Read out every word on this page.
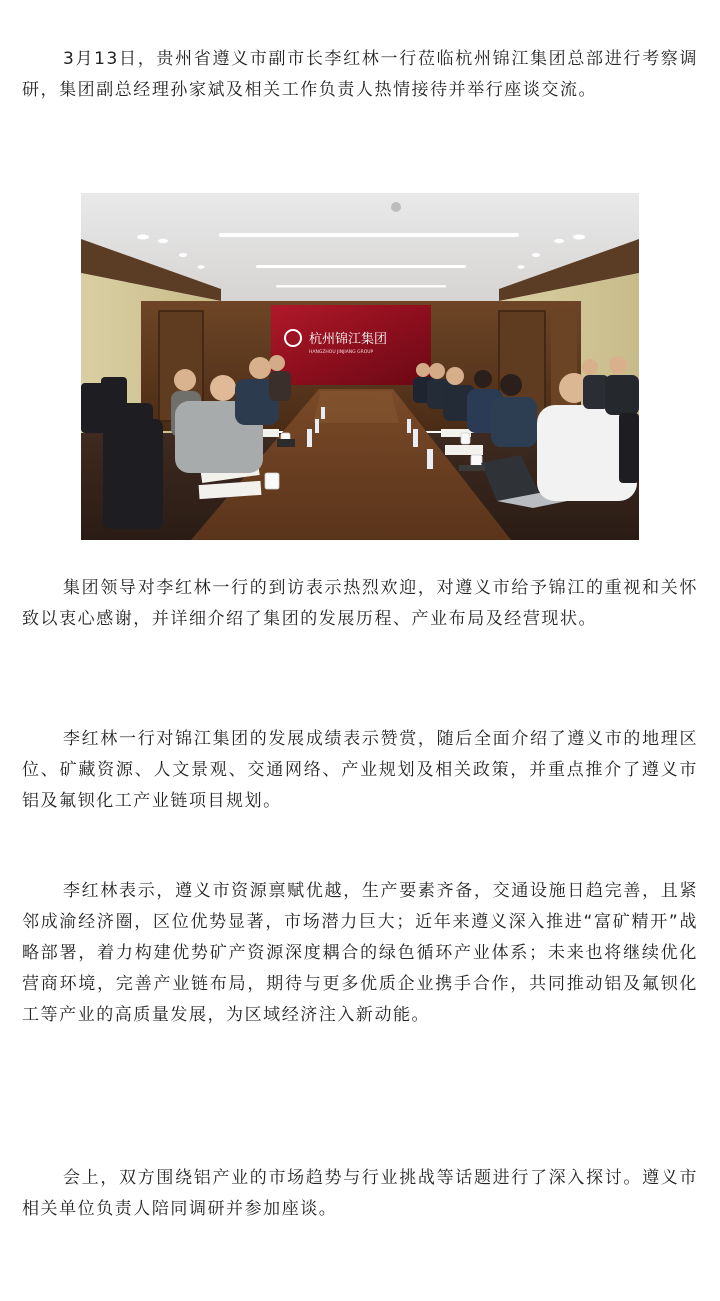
3月13日，贵州省遵义市副市长李红林一行莅临杭州锦江集团总部进行考察调研，集团副总经理孙家斌及相关工作负责人热情接待并举行座谈交流。

杭州锦江集团
HANGZHOU JINJIANG GROUP

集团领导对李红林一行的到访表示热烈欢迎，对遵义市给予锦江的重视和关怀致以衷心感谢，并详细介绍了集团的发展历程、产业布局及经营现状。

李红林一行对锦江集团的发展成绩表示赞赏，随后全面介绍了遵义市的地理区位、矿藏资源、人文景观、交通网络、产业规划及相关政策，并重点推介了遵义市铝及氟钡化工产业链项目规划。

李红林表示，遵义市资源禀赋优越，生产要素齐备，交通设施日趋完善，且紧邻成渝经济圈，区位优势显著，市场潜力巨大；近年来遵义深入推进“富矿精开”战略部署，着力构建优势矿产资源深度耦合的绿色循环产业体系；未来也将继续优化营商环境，完善产业链布局，期待与更多优质企业携手合作，共同推动铝及氟钡化工等产业的高质量发展，为区域经济注入新动能。

会上，双方围绕铝产业的市场趋势与行业挑战等话题进行了深入探讨。遵义市相关单位负责人陪同调研并参加座谈。
